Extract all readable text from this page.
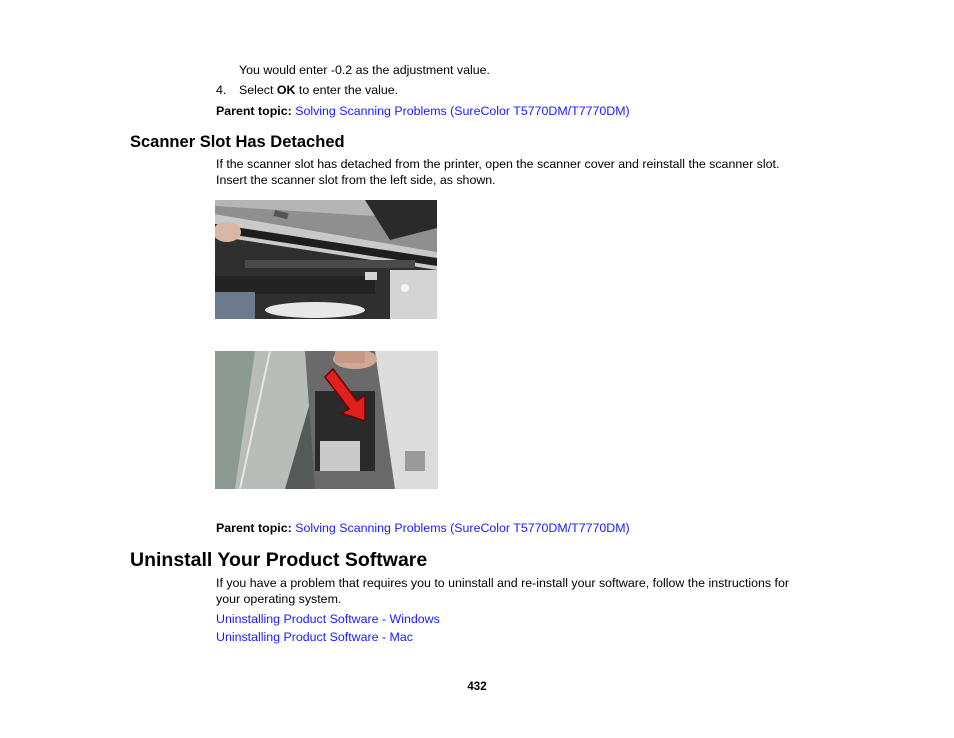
You would enter -0.2 as the adjustment value.
4. Select OK to enter the value.
Parent topic: Solving Scanning Problems (SureColor T5770DM/T7770DM)
Scanner Slot Has Detached
If the scanner slot has detached from the printer, open the scanner cover and reinstall the scanner slot.
Insert the scanner slot from the left side, as shown.
Parent topic: Solving Scanning Problems (SureColor T5770DM/T7770DM)
Uninstall Your Product Software
If you have a problem that requires you to uninstall and re-install your software, follow the instructions for
your operating system.
Uninstalling Product Software - Windows
Uninstalling Product Software - Mac
432
